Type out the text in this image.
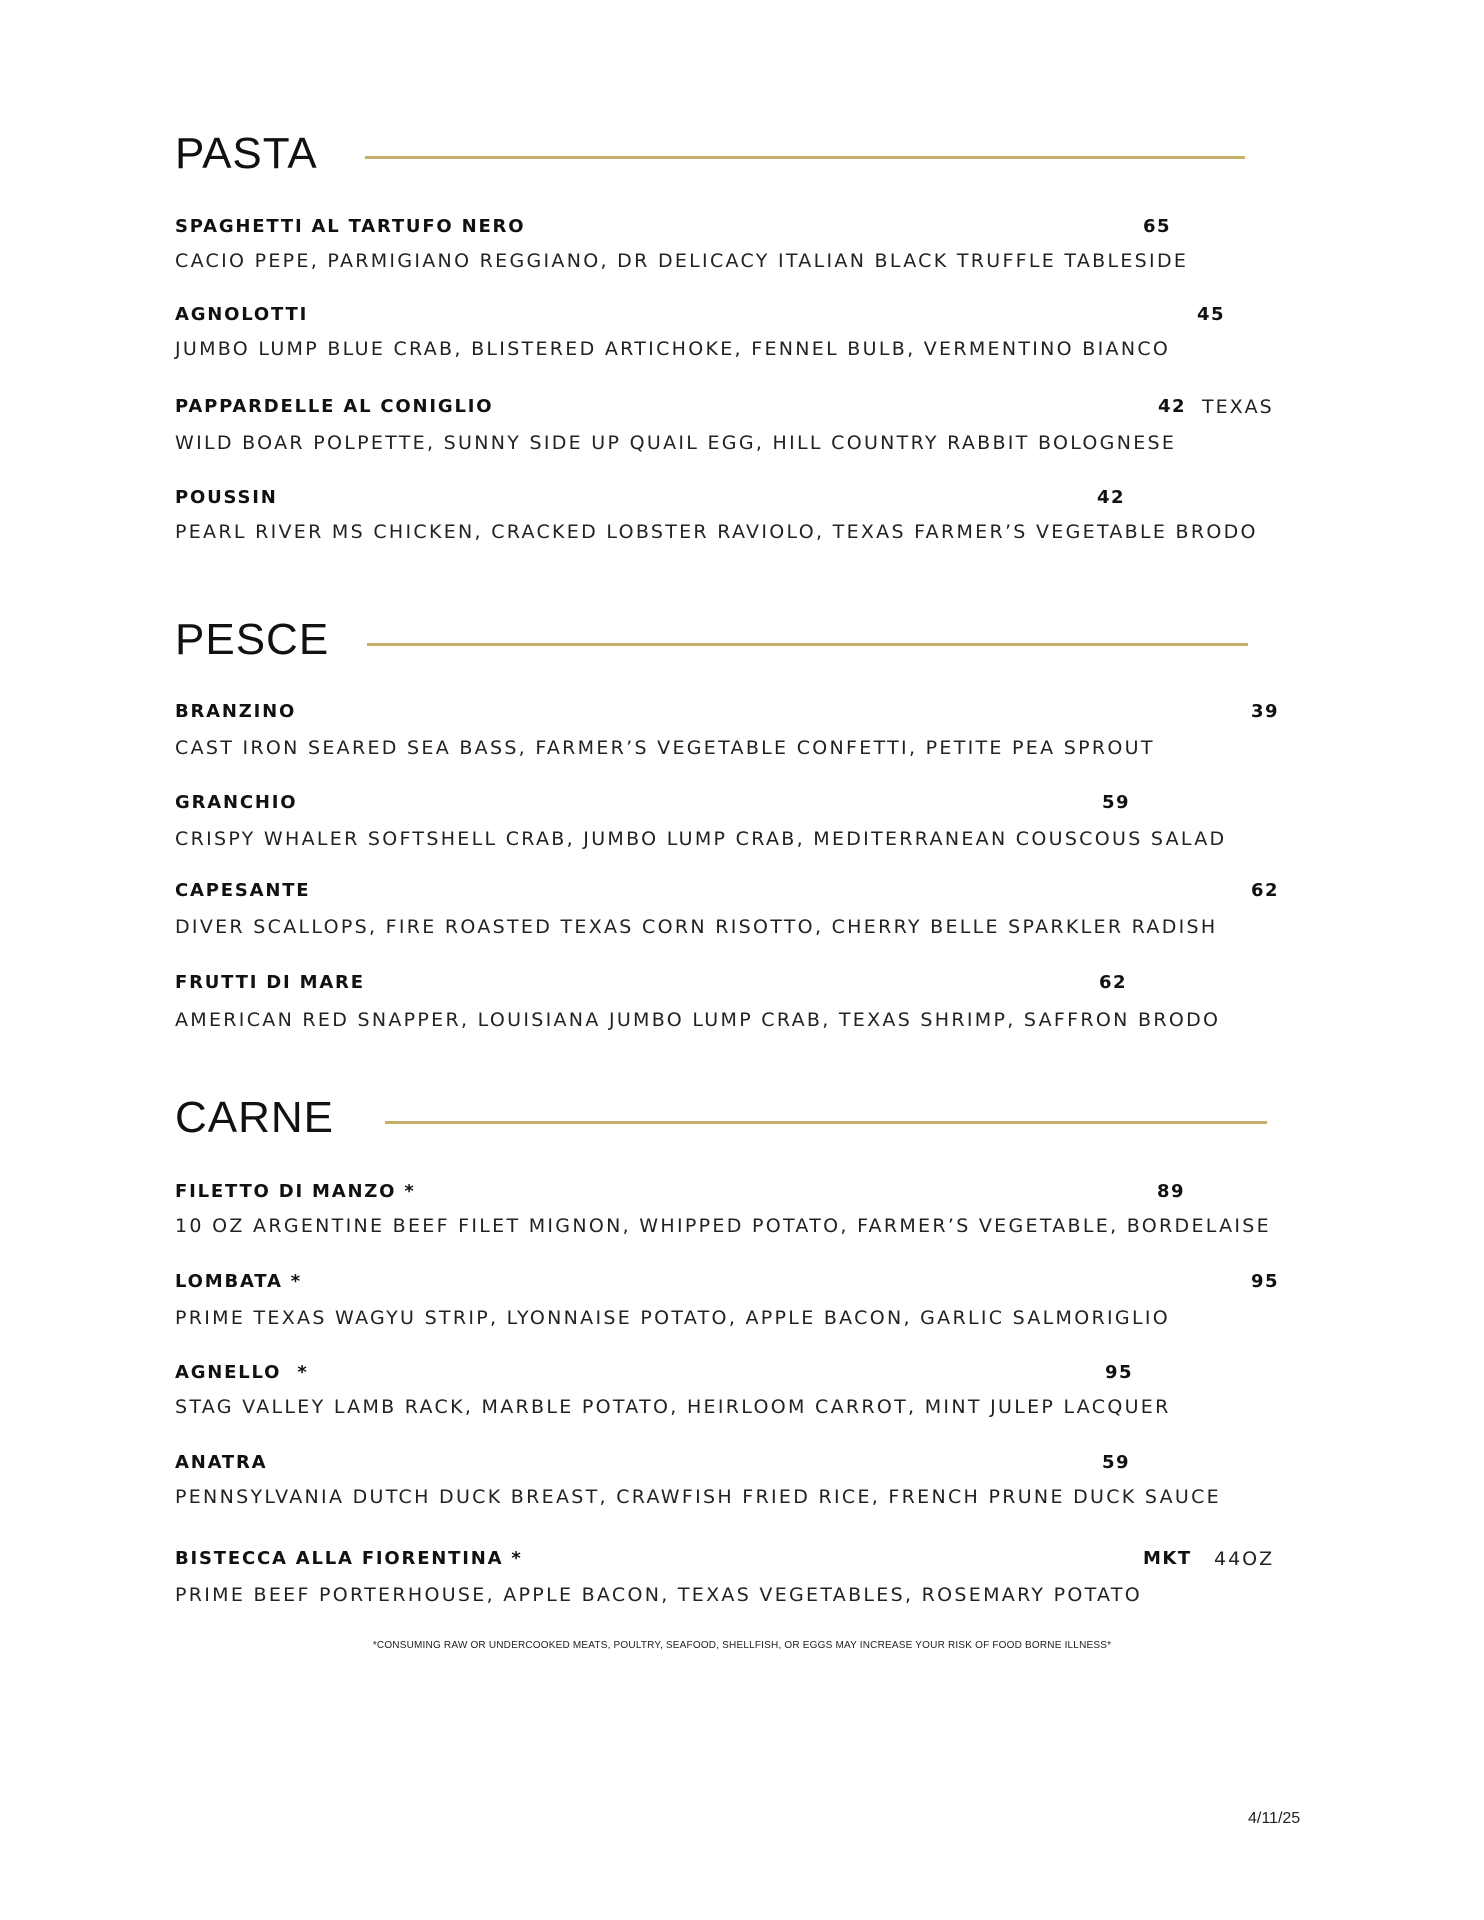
PASTA
SPAGHETTI AL TARTUFO NERO	65
CACIO PEPE, PARMIGIANO REGGIANO, DR DELICACY ITALIAN BLACK TRUFFLE TABLESIDE
AGNOLOTTI	45
JUMBO LUMP BLUE CRAB, BLISTERED ARTICHOKE, FENNEL BULB, VERMENTINO BIANCO
PAPPARDELLE AL CONIGLIO	42 TEXAS
WILD BOAR POLPETTE, SUNNY SIDE UP QUAIL EGG, HILL COUNTRY RABBIT BOLOGNESE
POUSSIN	42
PEARL RIVER MS CHICKEN, CRACKED LOBSTER RAVIOLO, TEXAS FARMER’S VEGETABLE BRODO
PESCE
BRANZINO	39
CAST IRON SEARED SEA BASS, FARMER’S VEGETABLE CONFETTI, PETITE PEA SPROUT
GRANCHIO	59
CRISPY WHALER SOFTSHELL CRAB, JUMBO LUMP CRAB, MEDITERRANEAN COUSCOUS SALAD
CAPESANTE	62
DIVER SCALLOPS, FIRE ROASTED TEXAS CORN RISOTTO, CHERRY BELLE SPARKLER RADISH
FRUTTI DI MARE	62
AMERICAN RED SNAPPER, LOUISIANA JUMBO LUMP CRAB, TEXAS SHRIMP, SAFFRON BRODO
CARNE
FILETTO DI MANZO *	89
10 OZ ARGENTINE BEEF FILET MIGNON, WHIPPED POTATO, FARMER’S VEGETABLE, BORDELAISE
LOMBATA *	95
PRIME TEXAS WAGYU STRIP, LYONNAISE POTATO, APPLE BACON, GARLIC SALMORIGLIO
AGNELLO  *	95
STAG VALLEY LAMB RACK, MARBLE POTATO, HEIRLOOM CARROT, MINT JULEP LACQUER
ANATRA	59
PENNSYLVANIA DUTCH DUCK BREAST, CRAWFISH FRIED RICE, FRENCH PRUNE DUCK SAUCE
BISTECCA ALLA FIORENTINA *	MKT 44OZ
PRIME BEEF PORTERHOUSE, APPLE BACON, TEXAS VEGETABLES, ROSEMARY POTATO
*CONSUMING RAW OR UNDERCOOKED MEATS, POULTRY, SEAFOOD, SHELLFISH, OR EGGS MAY INCREASE YOUR RISK OF FOOD BORNE ILLNESS*
4/11/25
